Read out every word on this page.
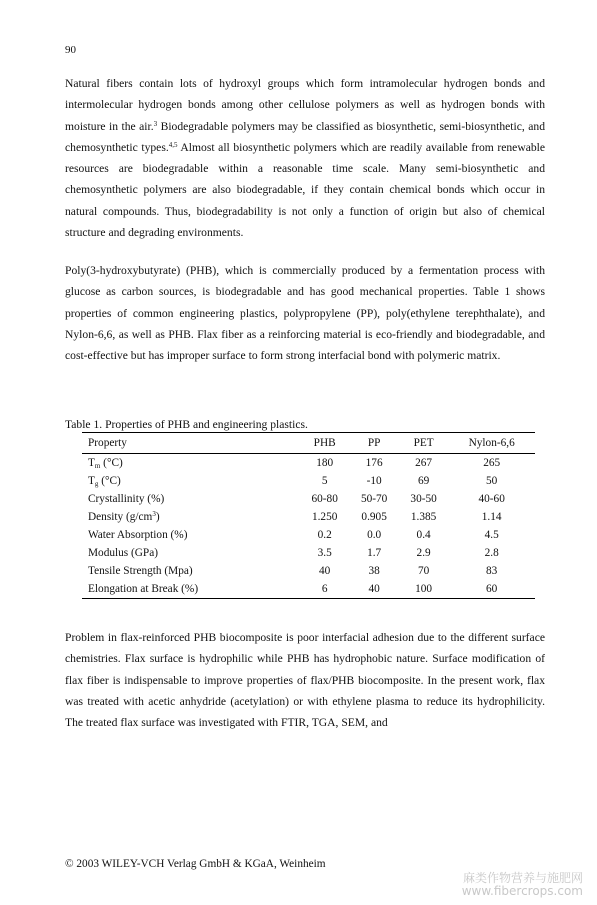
90

Natural fibers contain lots of hydroxyl groups which form intramolecular hydrogen bonds and intermolecular hydrogen bonds among other cellulose polymers as well as hydrogen bonds with moisture in the air.$^3$ Biodegradable polymers may be classified as biosynthetic, semi-biosynthetic, and chemosynthetic types.$^{4,5}$ Almost all biosynthetic polymers which are readily available from renewable resources are biodegradable within a reasonable time scale. Many semi-biosynthetic and chemosynthetic polymers are also biodegradable, if they contain chemical bonds which occur in natural compounds. Thus, biodegradability is not only a function of origin but also of chemical structure and degrading environments.

Poly(3-hydroxybutyrate) (PHB), which is commercially produced by a fermentation process with glucose as carbon sources, is biodegradable and has good mechanical properties. Table 1 shows properties of common engineering plastics, polypropylene (PP), poly(ethylene terephthalate), and Nylon-6,6, as well as PHB. Flax fiber as a reinforcing material is eco-friendly and biodegradable, and cost-effective but has improper surface to form strong interfacial bond with polymeric matrix.

Table 1. Properties of PHB and engineering plastics.
Property	PHB	PP	PET	Nylon-6,6
$T_m$ (°C)	180	176	267	265
$T_g$ (°C)	5	-10	69	50
Crystallinity (%)	60-80	50-70	30-50	40-60
Density $(g/cm^3)$	1.250	0.905	1.385	1.14
Water Absorption (%)	0.2	0.0	0.4	4.5
Modulus (GPa)	3.5	1.7	2.9	2.8
Tensile Strength (Mpa)	40	38	70	83
Elongation at Break (%)	6	40	100	60

Problem in flax-reinforced PHB biocomposite is poor interfacial adhesion due to the different surface chemistries. Flax surface is hydrophilic while PHB has hydrophobic nature. Surface modification of flax fiber is indispensable to improve properties of flax/PHB biocomposite. In the present work, flax was treated with acetic anhydride (acetylation) or with ethylene plasma to reduce its hydrophilicity. The treated flax surface was investigated with FTIR, TGA, SEM, and

© 2003 WILEY-VCH Verlag GmbH & KGaA, Weinheim
麻类作物营养与施肥网
www.fibercrops.com
